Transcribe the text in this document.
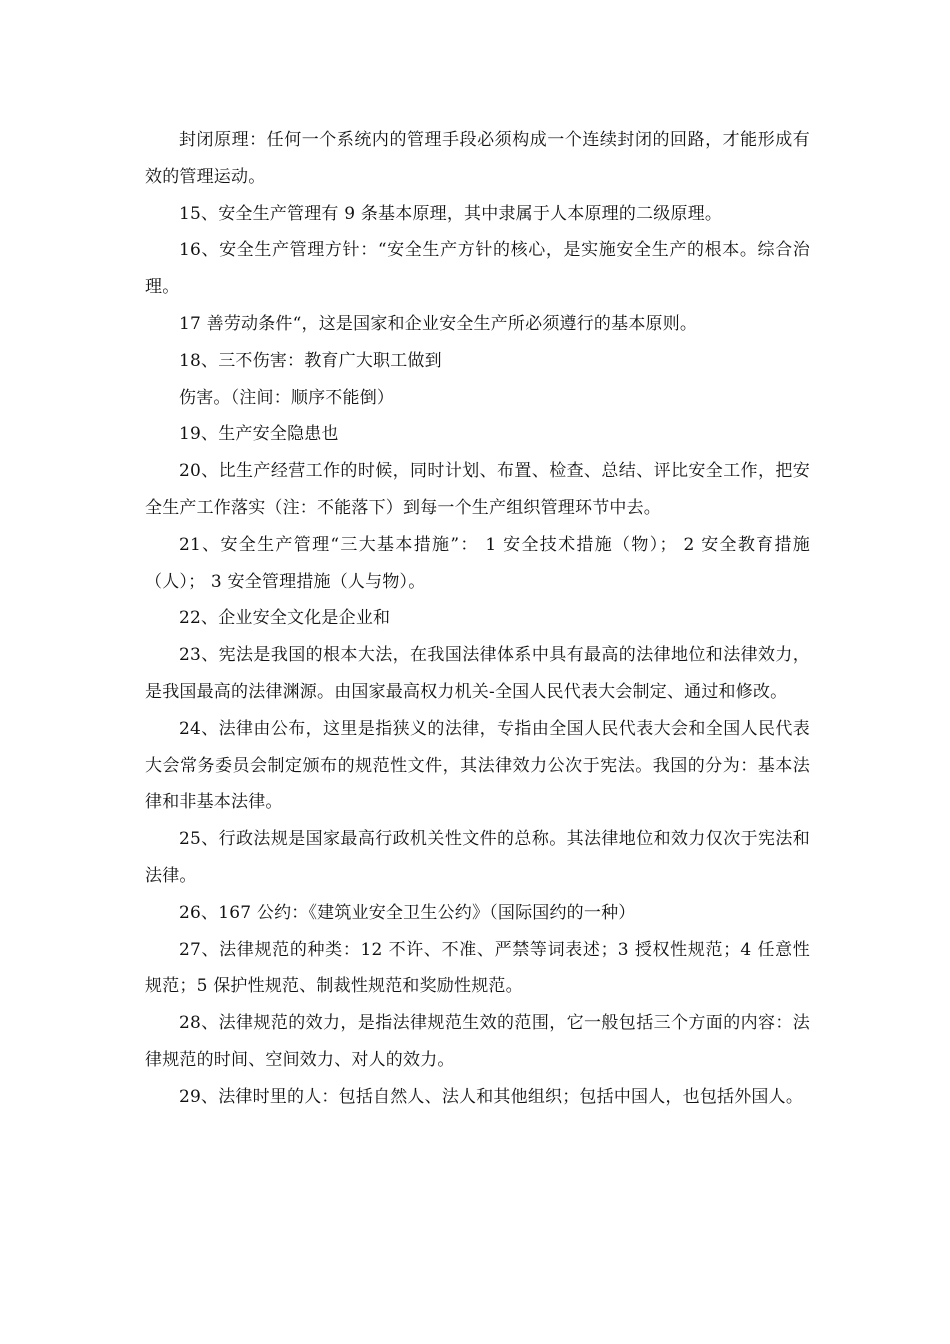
封闭原理：任何一个系统内的管理手段必须构成一个连续封闭的回路，才能形成有效的管理运动。

15、安全生产管理有 9 条基本原理，其中隶属于人本原理的二级原理。

16、安全生产管理方针：“安全生产方针的核心，是实施安全生产的根本。综合治理。

17 善劳动条件“，这是国家和企业安全生产所必须遵行的基本原则。

18、三不伤害：教育广大职工做到

伤害。（注间：顺序不能倒）

19、生产安全隐患也

20、比生产经营工作的时候，同时计划、布置、检查、总结、评比安全工作，把安全生产工作落实（注：不能落下）到每一个生产组织管理环节中去。

21、安全生产管理“三大基本措施”： 1 安全技术措施（物）； 2 安全教育措施（人）； 3 安全管理措施（人与物）。

22、企业安全文化是企业和

23、宪法是我国的根本大法，在我国法律体系中具有最高的法律地位和法律效力，是我国最高的法律渊源。由国家最高权力机关-全国人民代表大会制定、通过和修改。

24、法律由公布，这里是指狭义的法律，专指由全国人民代表大会和全国人民代表大会常务委员会制定颁布的规范性文件，其法律效力公次于宪法。我国的分为：基本法律和非基本法律。

25、行政法规是国家最高行政机关性文件的总称。其法律地位和效力仅次于宪法和法律。

26、167 公约：《建筑业安全卫生公约》（国际国约的一种）

27、法律规范的种类：12 不许、不准、严禁等词表述；3 授权性规范；4 任意性规范；5 保护性规范、制裁性规范和奖励性规范。

28、法律规范的效力，是指法律规范生效的范围，它一般包括三个方面的内容：法律规范的时间、空间效力、对人的效力。

29、法律时里的人：包括自然人、法人和其他组织；包括中国人，也包括外国人。
